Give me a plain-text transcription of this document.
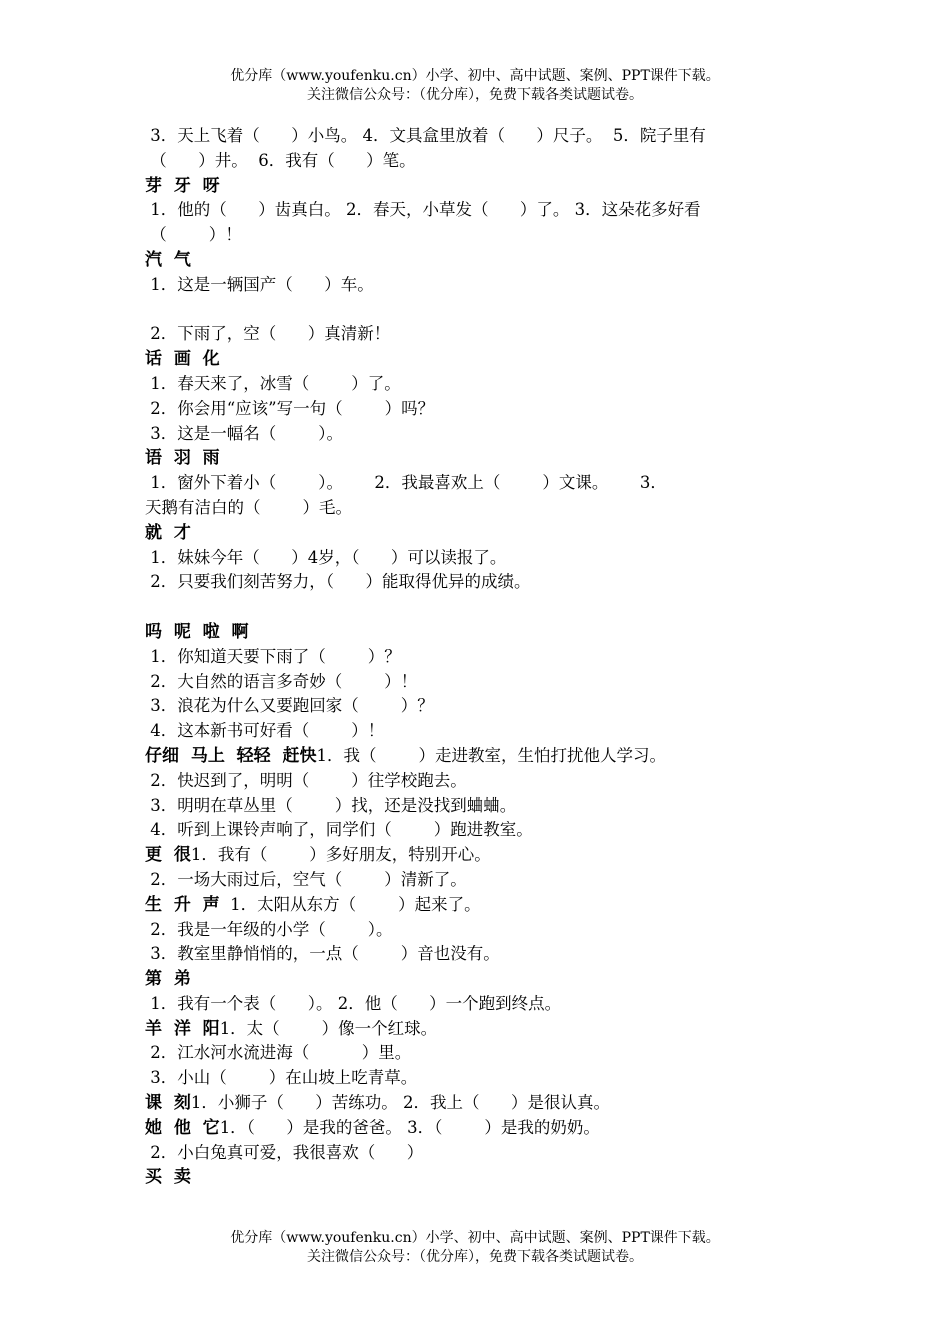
优分库（www.youfenku.cn）小学、初中、高中试题、案例、PPT课件下载。
关注微信公众号：（优分库），免费下载各类试题试卷。
3．天上飞着（      ）小鸟。 4．文具盒里放着（      ）尺子。  5．院子里有
（      ）井。  6．我有（      ）笔。
芽  牙  呀
1．他的（      ）齿真白。 2．春天，小草发（      ）了。 3．这朵花多好看
（        ）！
汽  气
1．这是一辆国产（      ）车。
2．下雨了，空（      ）真清新！
话  画  化
1．春天来了，冰雪（        ）了。
2．你会用“应该”写一句（        ）吗？
3．这是一幅名（        ）。
语  羽  雨
1．窗外下着小（        ）。      2．我最喜欢上（        ）文课。      3．
天鹅有洁白的（        ）毛。
就  才
1．妹妹今年（      ）4岁，（      ）可以读报了。
2．只要我们刻苦努力，（      ）能取得优异的成绩。
吗  呢  啦  啊
1．你知道天要下雨了（        ）？
2．大自然的语言多奇妙（        ）！
3．浪花为什么又要跑回家（        ）？
4．这本新书可好看（        ）！
仔细  马上  轻轻  赶快1．我（        ）走进教室，生怕打扰他人学习。
2．快迟到了，明明（        ）往学校跑去。
3．明明在草丛里（        ）找，还是没找到蛐蛐。
4．听到上课铃声响了，同学们（        ）跑进教室。
更  很1．我有（        ）多好朋友，特别开心。
2．一场大雨过后，空气（        ）清新了。
生  升  声  1．太阳从东方（        ）起来了。
2．我是一年级的小学（        ）。
3．教室里静悄悄的，一点（        ）音也没有。
第  弟
1．我有一个表（      ）。 2．他（      ）一个跑到终点。
羊  洋  阳1．太（        ）像一个红球。
2．江水河水流进海（          ）里。
3．小山（        ）在山坡上吃青草。
课  刻1．小狮子（      ）苦练功。 2．我上（      ）是很认真。
她  他  它1．（      ）是我的爸爸。 3．（        ）是我的奶奶。
2．小白兔真可爱，我很喜欢（      ）
买  卖
优分库（www.youfenku.cn）小学、初中、高中试题、案例、PPT课件下载。
关注微信公众号：（优分库），免费下载各类试题试卷。
